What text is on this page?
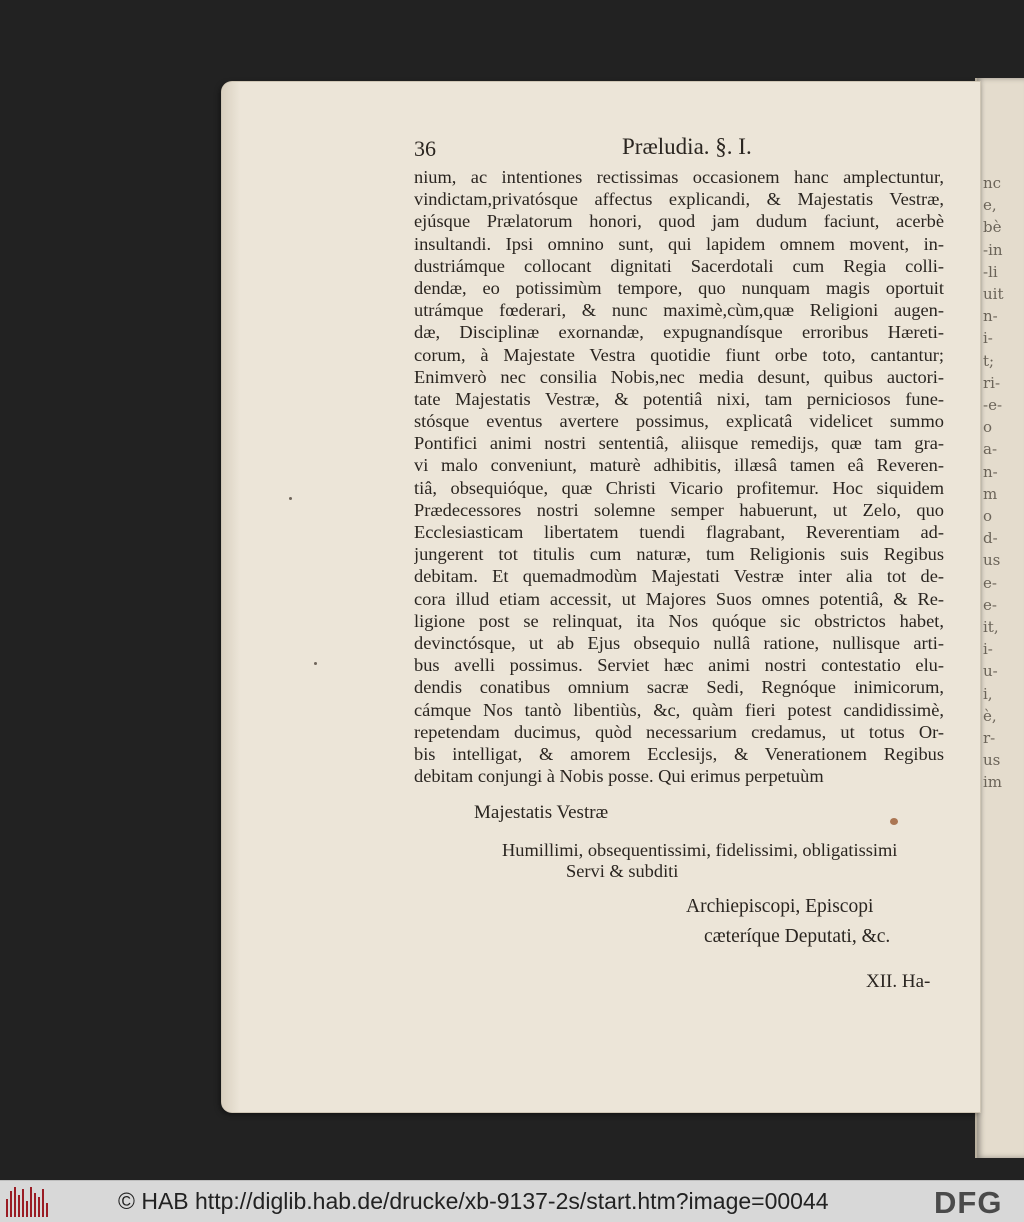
nc
e,
bè
-in
-li
uit
n-
i-
t;
ri-
-e-
o
a-
n-
m
o
d-
us
e-
e-
it,
i-
u-
i,
è,
r-
us
im
36	Præludia. §. I.
nium, ac intentiones rectissimas occasionem hanc amplectuntur,
vindictam,privatósque affectus explicandi, & Majestatis Vestræ,
ejúsque Prælatorum honori, quod jam dudum faciunt, acerbè
insultandi. Ipsi omnino sunt, qui lapidem omnem movent, in-
dustriámque collocant dignitati Sacerdotali cum Regia colli-
dendæ, eo potissimùm tempore, quo nunquam magis oportuit
utrámque fœderari, & nunc maximè,cùm,quæ Religioni augen-
dæ, Disciplinæ exornandæ, expugnandísque erroribus Hæreti-
corum, à Majestate Vestra quotidie fiunt orbe toto, cantantur;
Enimverò nec consilia Nobis,nec media desunt, quibus auctori-
tate Majestatis Vestræ, & potentiâ nixi, tam perniciosos fune-
stósque eventus avertere possimus, explicatâ videlicet summo
Pontifici animi nostri sententiâ, aliisque remedijs, quæ tam gra-
vi malo conveniunt, maturè adhibitis, illæsâ tamen eâ Reveren-
tiâ, obsequióque, quæ Christi Vicario profitemur. Hoc siquidem
Prædecessores nostri solemne semper habuerunt, ut Zelo, quo
Ecclesiasticam libertatem tuendi flagrabant, Reverentiam ad-
jungerent tot titulis cum naturæ, tum Religionis suis Regibus
debitam. Et quemadmodùm Majestati Vestræ inter alia tot de-
cora illud etiam accessit, ut Majores Suos omnes potentiâ, & Re-
ligione post se relinquat, ita Nos quóque sic obstrictos habet,
devinctósque, ut ab Ejus obsequio nullâ ratione, nullisque arti-
bus avelli possimus. Serviet hæc animi nostri contestatio elu-
dendis conatibus omnium sacræ Sedi, Regnóque inimicorum,
cámque Nos tantò libentiùs, &c, quàm fieri potest candidissimè,
repetendam ducimus, quòd necessarium credamus, ut totus Or-
bis intelligat, & amorem Ecclesijs, & Venerationem Regibus
debitam conjungi à Nobis posse. Qui erimus perpetuùm
Majestatis Vestræ
Humillimi, obsequentissimi, fidelissimi, obligatissimi
Servi & subditi
Archiepiscopi, Episcopi
cæteríque Deputati, &c.
XII. Ha-
© HAB http://diglib.hab.de/drucke/xb-9137-2s/start.htm?image=00044	DFG
